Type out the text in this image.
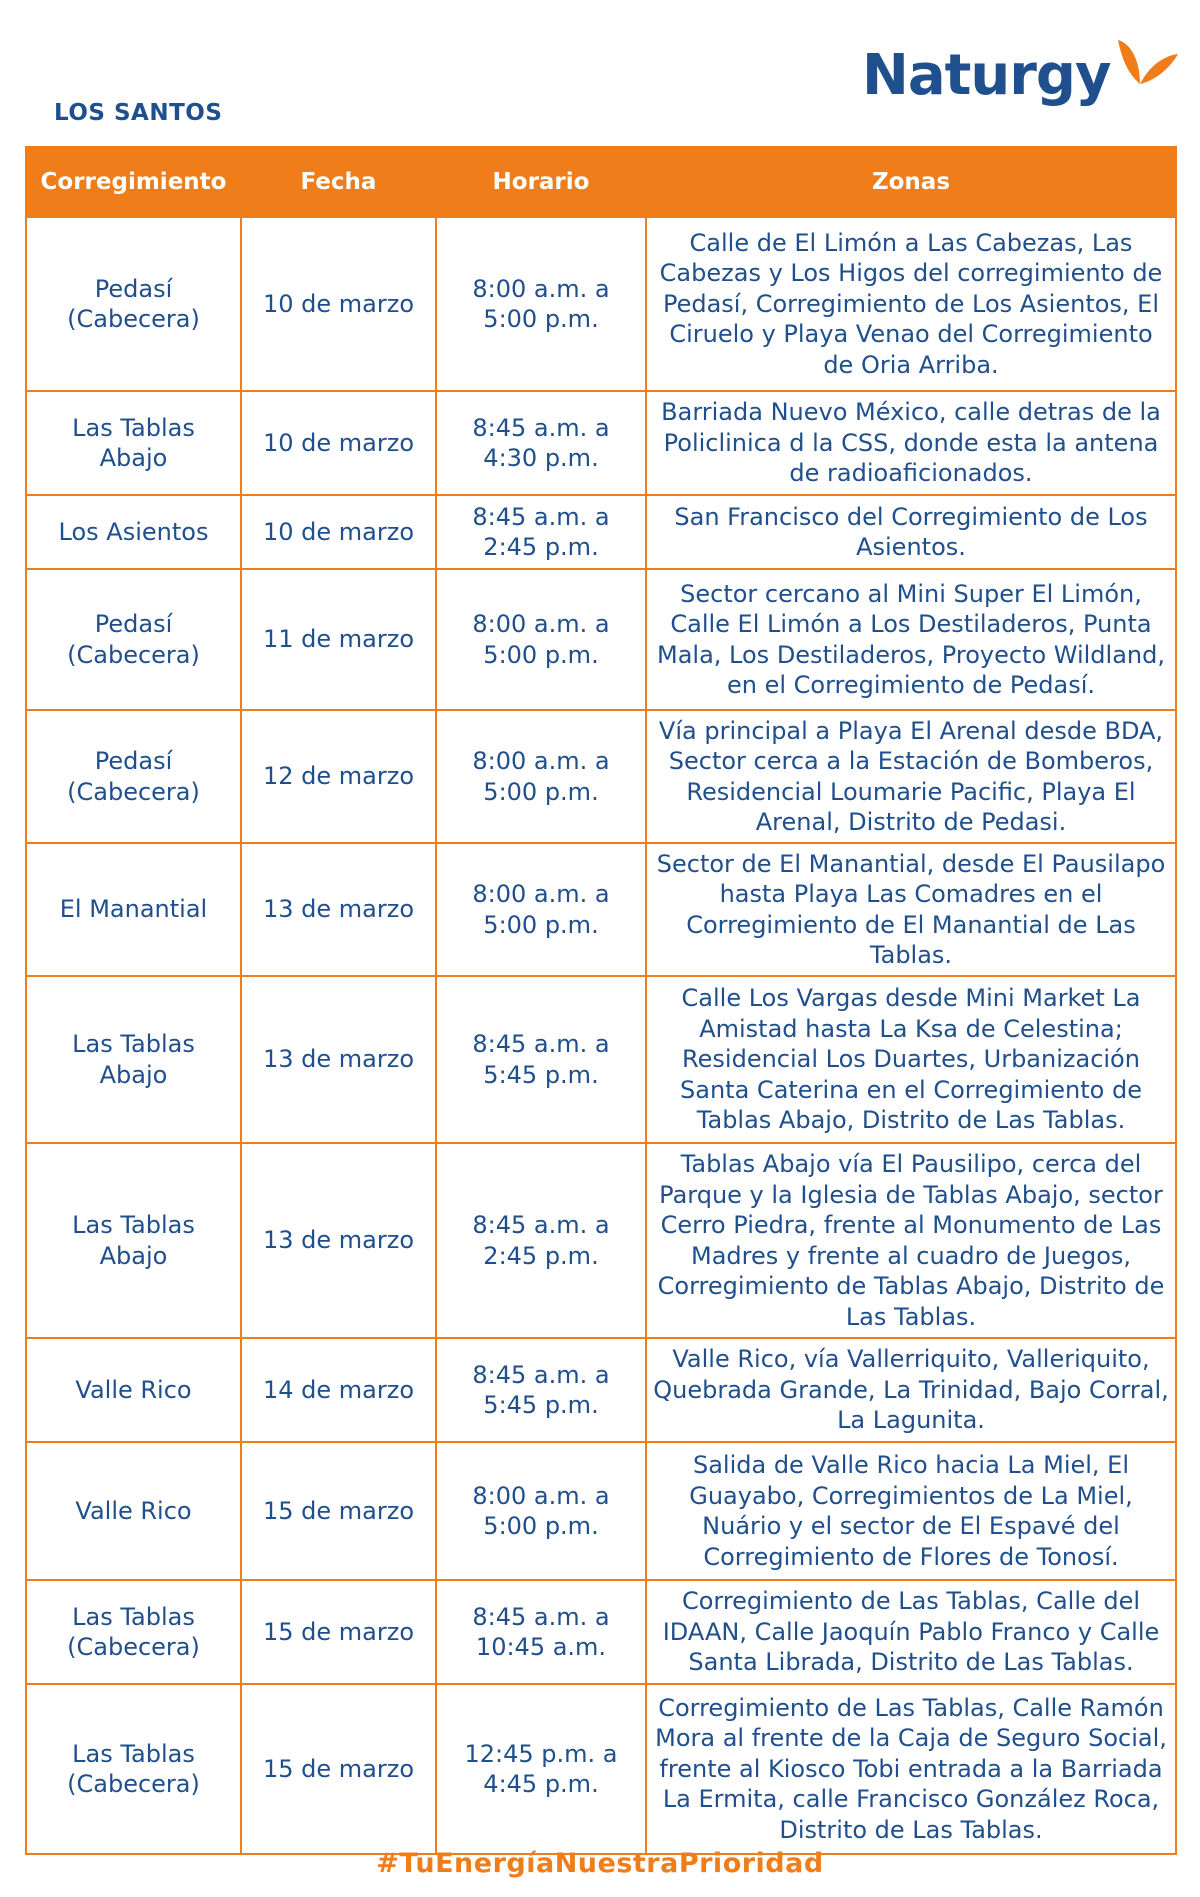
LOS SANTOS
Naturgy
Corregimiento	Fecha	Horario	Zonas
Pedasí (Cabecera)	10 de marzo	8:00 a.m. a 5:00 p.m.	Calle de El Limón a Las Cabezas, Las Cabezas y Los Higos del corregimiento de Pedasí, Corregimiento de Los Asientos, El Ciruelo y Playa Venao del Corregimiento de Oria Arriba.
Las Tablas Abajo	10 de marzo	8:45 a.m. a 4:30 p.m.	Barriada Nuevo México, calle detras de la Policlinica d la CSS, donde esta la antena de radioaficionados.
Los Asientos	10 de marzo	8:45 a.m. a 2:45 p.m.	San Francisco del Corregimiento de Los Asientos.
Pedasí (Cabecera)	11 de marzo	8:00 a.m. a 5:00 p.m.	Sector cercano al Mini Super El Limón, Calle El Limón a Los Destiladeros, Punta Mala, Los Destiladeros, Proyecto Wildland, en el Corregimiento de Pedasí.
Pedasí (Cabecera)	12 de marzo	8:00 a.m. a 5:00 p.m.	Vía principal a Playa El Arenal desde BDA, Sector cerca a la Estación de Bomberos, Residencial Loumarie Pacific, Playa El Arenal, Distrito de Pedasi.
El Manantial	13 de marzo	8:00 a.m. a 5:00 p.m.	Sector de El Manantial, desde El Pausilapo hasta Playa Las Comadres en el Corregimiento de El Manantial de Las Tablas.
Las Tablas Abajo	13 de marzo	8:45 a.m. a 5:45 p.m.	Calle Los Vargas desde Mini Market La Amistad hasta La Ksa de Celestina; Residencial Los Duartes, Urbanización Santa Caterina en el Corregimiento de Tablas Abajo, Distrito de Las Tablas.
Las Tablas Abajo	13 de marzo	8:45 a.m. a 2:45 p.m.	Tablas Abajo vía El Pausilipo, cerca del Parque y la Iglesia de Tablas Abajo, sector Cerro Piedra, frente al Monumento de Las Madres y frente al cuadro de Juegos, Corregimiento de Tablas Abajo, Distrito de Las Tablas.
Valle Rico	14 de marzo	8:45 a.m. a 5:45 p.m.	Valle Rico, vía Vallerriquito, Valleriquito, Quebrada Grande, La Trinidad, Bajo Corral, La Lagunita.
Valle Rico	15 de marzo	8:00 a.m. a 5:00 p.m.	Salida de Valle Rico hacia La Miel, El Guayabo, Corregimientos de La Miel, Nuário y el sector de El Espavé del Corregimiento de Flores de Tonosí.
Las Tablas (Cabecera)	15 de marzo	8:45 a.m. a 10:45 a.m.	Corregimiento de Las Tablas, Calle del IDAAN, Calle Jaoquín Pablo Franco y Calle Santa Librada, Distrito de Las Tablas.
Las Tablas (Cabecera)	15 de marzo	12:45 p.m. a 4:45 p.m.	Corregimiento de Las Tablas, Calle Ramón Mora al frente de la Caja de Seguro Social, frente al Kiosco Tobi entrada a la Barriada La Ermita, calle Francisco González Roca, Distrito de Las Tablas.
#TuEnergíaNuestraPrioridad
